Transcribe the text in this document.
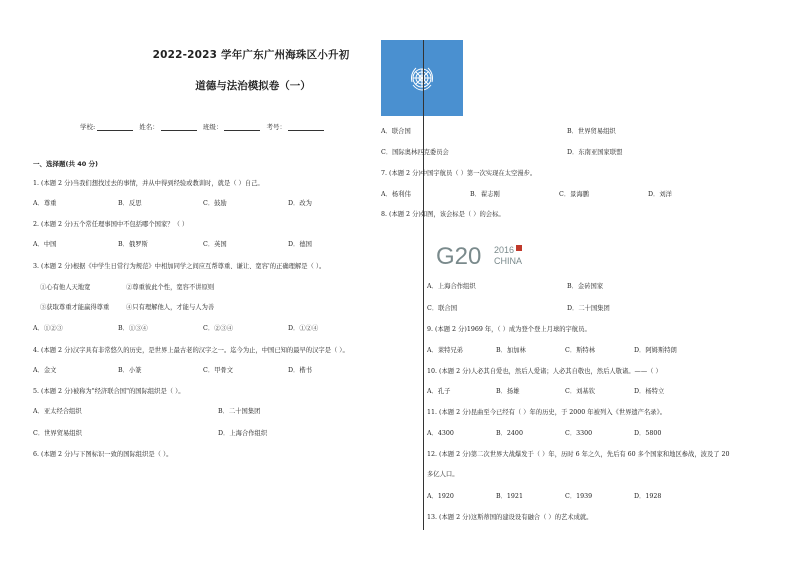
2022-2023 学年广东广州海珠区小升初
道德与法治模拟卷（一）
学校:	姓名：	班级：	考号：
一、选择题(共 40 分)
1. (本题 2 分)当我们想找过去的事情，并从中得到经验或教训时，就是（ ）自己。
A．尊重	B．反思	C．鼓励	D．改为
2. (本题 2 分)五个常任理事国中不包括哪个国家？（ ）
A．中国	B．俄罗斯	C．英国	D．德国
3. (本题 2 分)根据《中学生日常行为规范》中相加同学之间应互帮尊重、谦让、宽容'的正确理解是（ ）。
①心有他人天地宽	②尊重彼此个性，宽容不讲原则
③获取尊重才能赢得尊重	④只有理解他人，才能与人为善
A．①②③	B．①③④	C．②③④	D．①②④
4. (本题 2 分)汉字具有非常悠久的历史，是世界上最古老的汉字之一。迄今为止，中国已知的最早的汉字是（ ）。
A．金文	B．小篆	C．甲骨文	D．楷书
5. (本题 2 分)被称为"经济联合国"的国际组织是（ ）。
A．亚太经合组织	B．二十国集团
C．世界贸易组织	D．上海合作组织
6. (本题 2 分)与下图标识一致的国际组织是（ ）。
A．联合国	B．世界贸易组织
C．国际奥林匹克委员会	D．东南亚国家联盟
7. (本题 2 分)中国宇航员（ ）第一次实现在太空漫步。
A．杨利伟	B．翟志刚	C．景海鹏	D．刘洋
8. (本题 2 分)如图，该会标是（ ）的会标。
G20 2016
CHINA
A．上海合作组织	B．金砖国家
C．联合国	D．二十国集团
9. (本题 2 分)1969 年，（ ）成为登个登上月球的宇航员。
A．莱特兄弟	B．加加林	C．斯特林	D．阿姆斯特朗
10. (本题 2 分)人必其自爱也，然后人爱诸；人必其自敬也，然后人敬诸。——（ ）
A．孔子	B．扬雄	C．刘基钦	D．杨特立
11. (本题 2 分)昆曲至今已经有（ ）年的历史，于 2000 年被列入《世界遗产名录》。
A．4300	B．2400	C．3300	D．5800
12. (本题 2 分)第二次世界大战爆发于（ ）年，历时 6 年之久，先后有 60 多个国家和地区参战，波及了 20
多亿人口。
A．1920	B．1921	C．1939	D．1928
13. (本题 2 分)这斯蒂国的建设设有融合（ ）的艺术成就。
